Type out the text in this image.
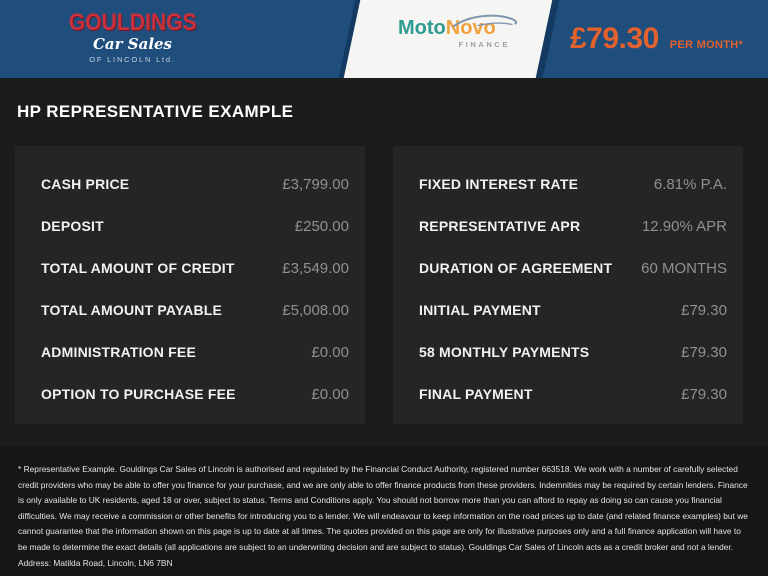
GOULDINGS
Car Sales
OF LINCOLN Ltd.
MotoNovo
FINANCE £79.30 PER MONTH*
HP REPRESENTATIVE EXAMPLE
CASH PRICE	£3,799.00
DEPOSIT	£250.00
TOTAL AMOUNT OF CREDIT	£3,549.00
TOTAL AMOUNT PAYABLE	£5,008.00
ADMINISTRATION FEE	£0.00
OPTION TO PURCHASE FEE	£0.00
FIXED INTEREST RATE	6.81% P.A.
REPRESENTATIVE APR	12.90% APR
DURATION OF AGREEMENT 60 MONTHS
INITIAL PAYMENT	£79.30
58 MONTHLY PAYMENTS	£79.30
FINAL PAYMENT	£79.30
* Representative Example. Gouldings Car Sales of Lincoln is authorised and regulated by the Financial Conduct Authority, registered number 663518. We work with a number of carefully selected credit providers who may be able to offer you finance for your purchase, and we are only able to offer finance products from these providers. Indemnities may be required by certain lenders. Finance is only available to UK residents, aged 18 or over, subject to status. Terms and Conditions apply. You should not borrow more than you can afford to repay as doing so can cause you financial difficulties. We may receive a commission or other benefits for introducing you to a lender. We will endeavour to keep information on the road prices up to date (and related finance examples) but we cannot guarantee that the information shown on this page is up to date at all times. The quotes provided on this page are only for illustrative purposes only and a full finance application will have to be made to determine the exact details (all applications are subject to an underwriting decision and are subject to status). Gouldings Car Sales of Lincoln acts as a credit broker and not a lender. Address: Matilda Road, Lincoln, LN6 7BN
